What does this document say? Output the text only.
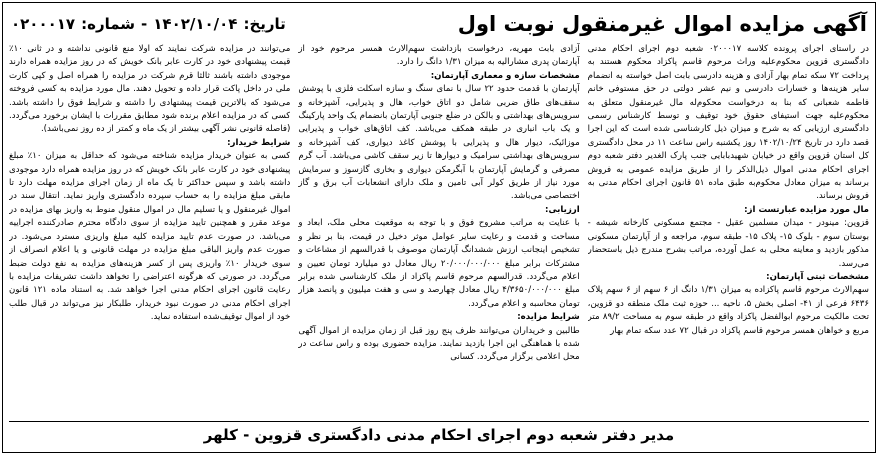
آگهی مزایده اموال غیرمنقول نوبت اول
تاریخ:
۱۴۰۲/۱۰/۰۴
-
شماره:
۰۲۰۰۰۱۷

در راستای اجرای پرونده کلاسه ۰۲۰۰۰۱۷ شعبه دوم اجرای احکام مدنی دادگستری قزوین محکوم‌علیه وراث مرحوم قاسم پاکزاد محکوم هستند به پرداخت ۷۲ سکه تمام بهار آزادی و هزینه دادرسی بابت اصل خواسته به انضمام سایر هزینه‌ها و خسارات دادرسی و نیم عشر دولتی در حق مستوفی خانم فاطمه شعبانی که بنا به درخواست محکوم‌له مال غیرمنقول متعلق به محکوم‌علیه جهت استیفای حقوق خود توقیف و توسط کارشناس رسمی دادگستری ارزیابی که به شرح و میزان ذیل کارشناسی شده است که این اجرا قصد دارد در تاریخ ۱۴۰۲/۱۰/۲۴ روز یکشنبه راس ساعت ۱۱ در محل دادگستری کل استان قزوین واقع در خیابان شهیدبابایی جنب پارک الغدیر دفتر شعبه دوم اجرای احکام مدنی اموال ذیل‌الذکر را از طریق مزایده عمومی به فروش برساند به میزان معادل محکوم‌به طبق ماده ۵۱ قانون اجرای احکام مدنی به فروش برساند.

مال مورد مزایده عبارتست از:

قزوین: مینودر - میدان مسلمین عقیل - مجتمع مسکونی کارخانه شیشه - بوستان سوم - بلوک ۱۵- پلاک ۱۵- طبقه سوم، مراجعه و از آپارتمان مسکونی مذکور بازدید و معاینه محلی به عمل آورده، مراتب بشرح مندرج ذیل باستحضار می‌رسد.

مشخصات ثبتی آپارتمان:

سهم‌الارث مرحوم قاسم پاکزاده به میزان ۱/۳۱ دانگ از ۶ سهم از ۶ سهم پلاک ۶۴۳۶ فرعی از ۴۱- اصلی بخش ۵، ناحیه ... حوزه ثبت ملک منطقه دو قزوین، تحت مالکیت مرحوم ابوالفضل پاکزاد واقع در طبقه سوم به مساحت ۸۹/۲ متر مربع و خواهان همسر مرحوم قاسم پاکزاد در قبال ۷۲ عدد سکه تمام بهار

آزادی بابت مهریه، درخواست بازداشت سهم‌الارث همسر مرحوم خود از آپارتمان پدری مشارالیه به میزان ۱/۳۱ دانگ را دارد.

مشخصات سازه و معماری آپارتمان:

آپارتمان با قدمت حدود ۲۲ سال با نمای سنگ و سازه اسکلت فلزی با پوشش سقف‌های طاق ضربی شامل دو اتاق خواب، هال و پذیرایی، آشپزخانه و سرویس‌های بهداشتی و بالکن در ضلع جنوبی آپارتمان بانضمام یک واحد پارکینگ و یک باب انباری در طبقه همکف می‌باشد. کف اتاق‌های خواب و پذیرایی موزائیک، دیوار هال و پذیرایی با پوشش کاغذ دیواری، کف آشپزخانه و سرویس‌های بهداشتی سرامیک و دیوارها تا زیر سقف کاشی می‌باشد. آب گرم مصرفی و گرمایش آپارتمان با آبگرمکن دیواری و بخاری گازسوز و سرمایش مورد نیاز از طریق کولر آبی تامین و ملک دارای انشعابات آب برق و گاز اختصاصی می‌باشد.

ارزیابی:

با عنایت به مراتب مشروح فوق و با توجه به موقعیت محلی ملک، ابعاد و مساحت و قدمت و رعایت سایر عوامل موثر دخیل در قیمت، بنا بر نظر و تشخیص اینجانب ارزش ششدانگ آپارتمان موصوف با قدرالسهم از مشاعات و مشترکات برابر مبلغ ۲۰/۰۰۰/۰۰۰/۰۰۰ ریال معادل دو میلیارد تومان تعیین و اعلام می‌گردد. قدرالسهم مرحوم قاسم پاکزاد از ملک کارشناسی شده برابر مبلغ ۴/۳۶۵۰/۰۰۰/۰۰۰ ریال معادل چهارصد و سی و هفت میلیون و پانصد هزار تومان محاسبه و اعلام می‌گردد.

شرایط مزایده:

طالبین و خریداران می‌توانند ظرف پنج روز قبل از زمان مزایده از اموال آگهی شده با هماهنگی این اجرا بازدید نمایند. مزایده حضوری بوده و راس ساعت در محل اعلامی برگزار می‌گردد. کسانی

می‌توانند در مزایده شرکت نمایند که اولا منع قانونی نداشته و در ثانی ۱۰٪ قیمت پیشنهادی خود در کارت عابر بانک خویش که در روز مزایده همراه دارند موجودی داشته باشند ثالثا قرم شرکت در مزایده را همراه اصل و کپی کارت ملی در داخل پاکت قرار داده و تحویل دهند. مال مورد مزایده به کسی فروخته می‌شود که بالاترین قیمت پیشنهادی را داشته و شرایط فوق را داشته باشد. کسی که در مزایده اعلام برنده شود مطابق مقررات با ایشان برخورد می‌گردد. (فاصله قانونی نشر آگهی بیشتر از یک ماه و کمتر از ده روز نمی‌باشد).

شرایط خریدار:

کسی به عنوان خریدار مزایده شناخته می‌شود که حداقل به میزان ۱۰٪ مبلغ پیشنهادی خود در کارت عابر بانک خویش که در روز مزایده همراه دارد موجودی داشته باشد و سپس حداکثر تا یک ماه از زمان اجرای مزایده مهلت دارد تا مابقی مبلغ مزایده را به حساب سپرده دادگستری واریز نماید. انتقال سند در اموال غیرمنقول و یا تسلیم مال در اموال منقول منوط به واریز بهای مزایده در موعد مقرر و همچنین تایید مزایده از سوی دادگاه محترم صادرکننده اجراییه می‌باشد. در صورت عدم تایید مزایده کلیه مبلغ واریزی مسترد می‌شود. در صورت عدم واریز الباقی مبلغ مزایده در مهلت قانونی و یا اعلام انصراف از سوی خریدار ۱۰٪ واریزی پس از کسر هزینه‌های مزایده به نفع دولت ضبط می‌گردد. در صورتی که هرگونه اعتراضی را تخواهد داشت تشریفات مزایده با رعایت قانون اجرای احکام مدنی اجرا خواهد شد. به استناد ماده ۱۲۱ قانون اجرای احکام مدنی در صورت نبود خریدار، طلبکار نیز می‌تواند در قبال طلب خود از اموال توقیف‌شده استفاده نماید.

مدیر دفتر شعبه دوم اجرای احکام مدنی دادگستری قزوین - کلهر
